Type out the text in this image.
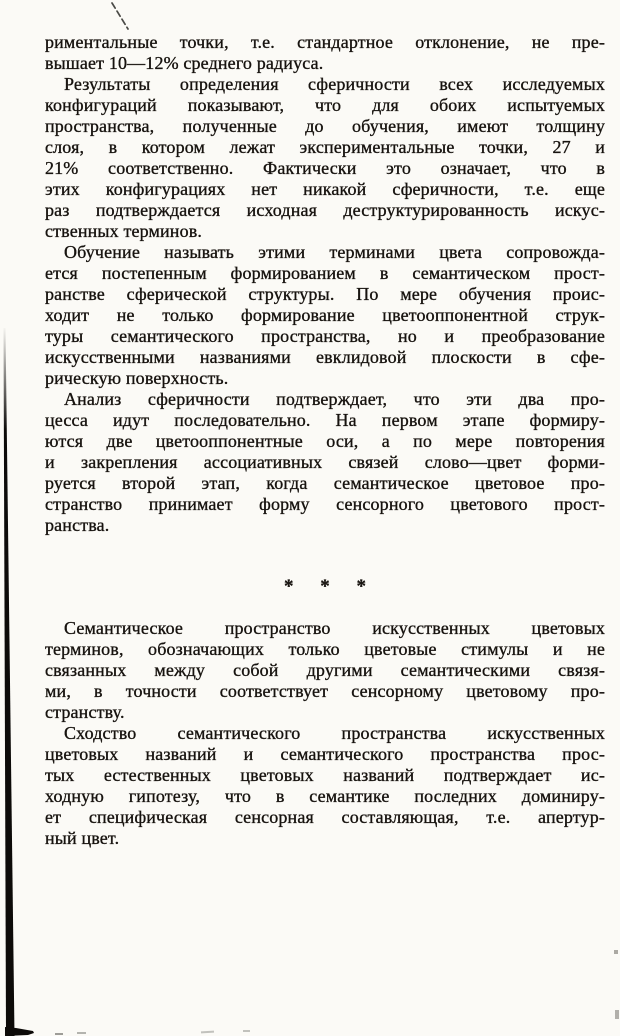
риментальные точки, т.е. стандартное отклонение, не пре-
вышает 10—12% среднего радиуса.
Результаты определения сферичности всех исследуемых
конфигураций показывают, что для обоих испытуемых
пространства, полученные до обучения, имеют толщину
слоя, в котором лежат экспериментальные точки, 27 и
21% соответственно. Фактически это означает, что в
этих конфигурациях нет никакой сферичности, т.е. еще
раз подтверждается исходная деструктурированность искус-
ственных терминов.
Обучение называть этими терминами цвета сопровожда-
ется постепенным формированием в семантическом прост-
ранстве сферической структуры. По мере обучения проис-
ходит не только формирование цветооппонентной струк-
туры семантического пространства, но и преобразование
искусственными названиями евклидовой плоскости в сфе-
рическую поверхность.
Анализ сферичности подтверждает, что эти два про-
цесса идут последовательно. На первом этапе формиру-
ются две цветооппонентные оси, а по мере повторения
и закрепления ассоциативных связей слово—цвет форми-
руется второй этап, когда семантическое цветовое про-
странство принимает форму сенсорного цветового прост-
ранства.
* * *
Семантическое пространство искусственных цветовых
терминов, обозначающих только цветовые стимулы и не
связанных между собой другими семантическими связя-
ми, в точности соответствует сенсорному цветовому про-
странству.
Сходство семантического пространства искусственных
цветовых названий и семантического пространства прос-
тых естественных цветовых названий подтверждает ис-
ходную гипотезу, что в семантике последних доминиру-
ет специфическая сенсорная составляющая, т.е. апертур-
ный цвет.
